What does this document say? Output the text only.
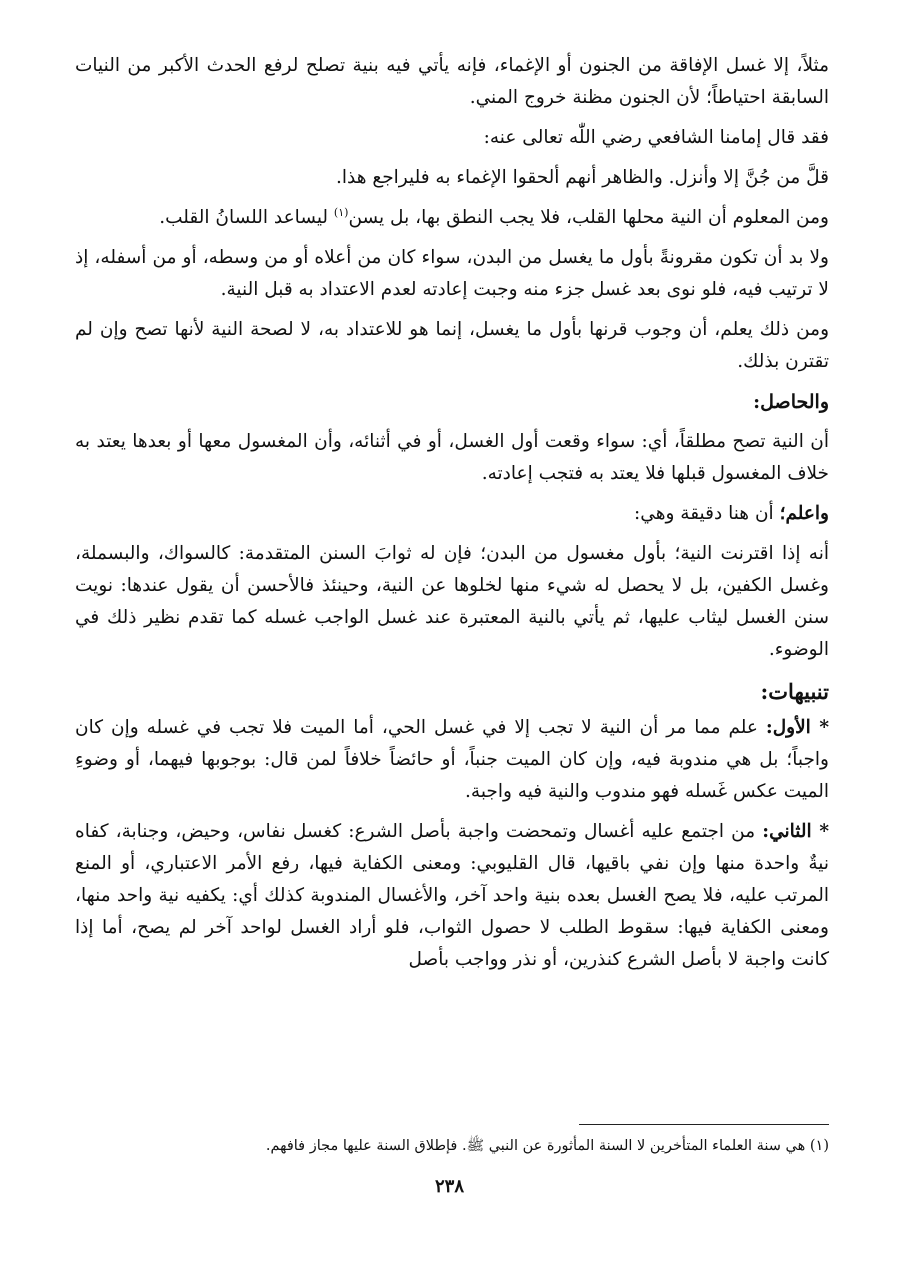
مثلاً، إلا غسل الإفاقة من الجنون أو الإغماء، فإنه يأتي فيه بنية تصلح لرفع الحدث الأكبر من النيات السابقة احتياطاً؛ لأن الجنون مظنة خروج المني.

فقد قال إمامنا الشافعي رضي اللّٰه تعالى عنه:

قلَّ من جُنَّ إلا وأنزل. والظاهر أنهم ألحقوا الإغماء به فليراجع هذا.

ومن المعلوم أن النية محلها القلب، فلا يجب النطق بها، بل يسن$^{(١)}$ ليساعد اللسانُ القلب.

ولا بد أن تكون مقرونةً بأول ما يغسل من البدن، سواء كان من أعلاه أو من وسطه، أو من أسفله، إذ لا ترتيب فيه، فلو نوى بعد غسل جزء منه وجبت إعادته لعدم الاعتداد به قبل النية.

ومن ذلك يعلم، أن وجوب قرنها بأول ما يغسل، إنما هو للاعتداد به، لا لصحة النية لأنها تصح وإن لم تقترن بذلك.

والحاصل:

أن النية تصح مطلقاً، أي: سواء وقعت أول الغسل، أو في أثنائه، وأن المغسول معها أو بعدها يعتد به خلاف المغسول قبلها فلا يعتد به فتجب إعادته.

واعلم؛ أن هنا دقيقة وهي:

أنه إذا اقترنت النية؛ بأول مغسول من البدن؛ فإن له ثوابَ السنن المتقدمة: كالسواك، والبسملة، وغسل الكفين، بل لا يحصل له شيء منها لخلوها عن النية، وحينئذ فالأحسن أن يقول عندها: نويت سنن الغسل ليثاب عليها، ثم يأتي بالنية المعتبرة عند غسل الواجب غسله كما تقدم نظير ذلك في الوضوء.

تنبيهات:

* الأول: علم مما مر أن النية لا تجب إلا في غسل الحي، أما الميت فلا تجب في غسله وإن كان واجباً؛ بل هي مندوبة فيه، وإن كان الميت جنباً، أو حائضاً خلافاً لمن قال: بوجوبها فيهما، أو وضوءِ الميت عكس غَسله فهو مندوب والنية فيه واجبة.

* الثاني: من اجتمع عليه أغسال وتمحضت واجبة بأصل الشرع: كغسل نفاس، وحيض، وجنابة، كفاه نيةٌ واحدة منها وإن نفي باقيها، قال القليوبي: ومعنى الكفاية فيها، رفع الأمر الاعتباري، أو المنع المرتب عليه، فلا يصح الغسل بعده بنية واحد آخر، والأغسال المندوبة كذلك أي: يكفيه نية واحد منها، ومعنى الكفاية فيها: سقوط الطلب لا حصول الثواب، فلو أراد الغسل لواحد آخر لم يصح، أما إذا كانت واجبة لا بأصل الشرع كنذرين، أو نذر وواجب بأصل

(١) هي سنة العلماء المتأخرين لا السنة المأثورة عن النبي ﷺ. فإطلاق السنة عليها مجاز فافهم.
٢٣٨
